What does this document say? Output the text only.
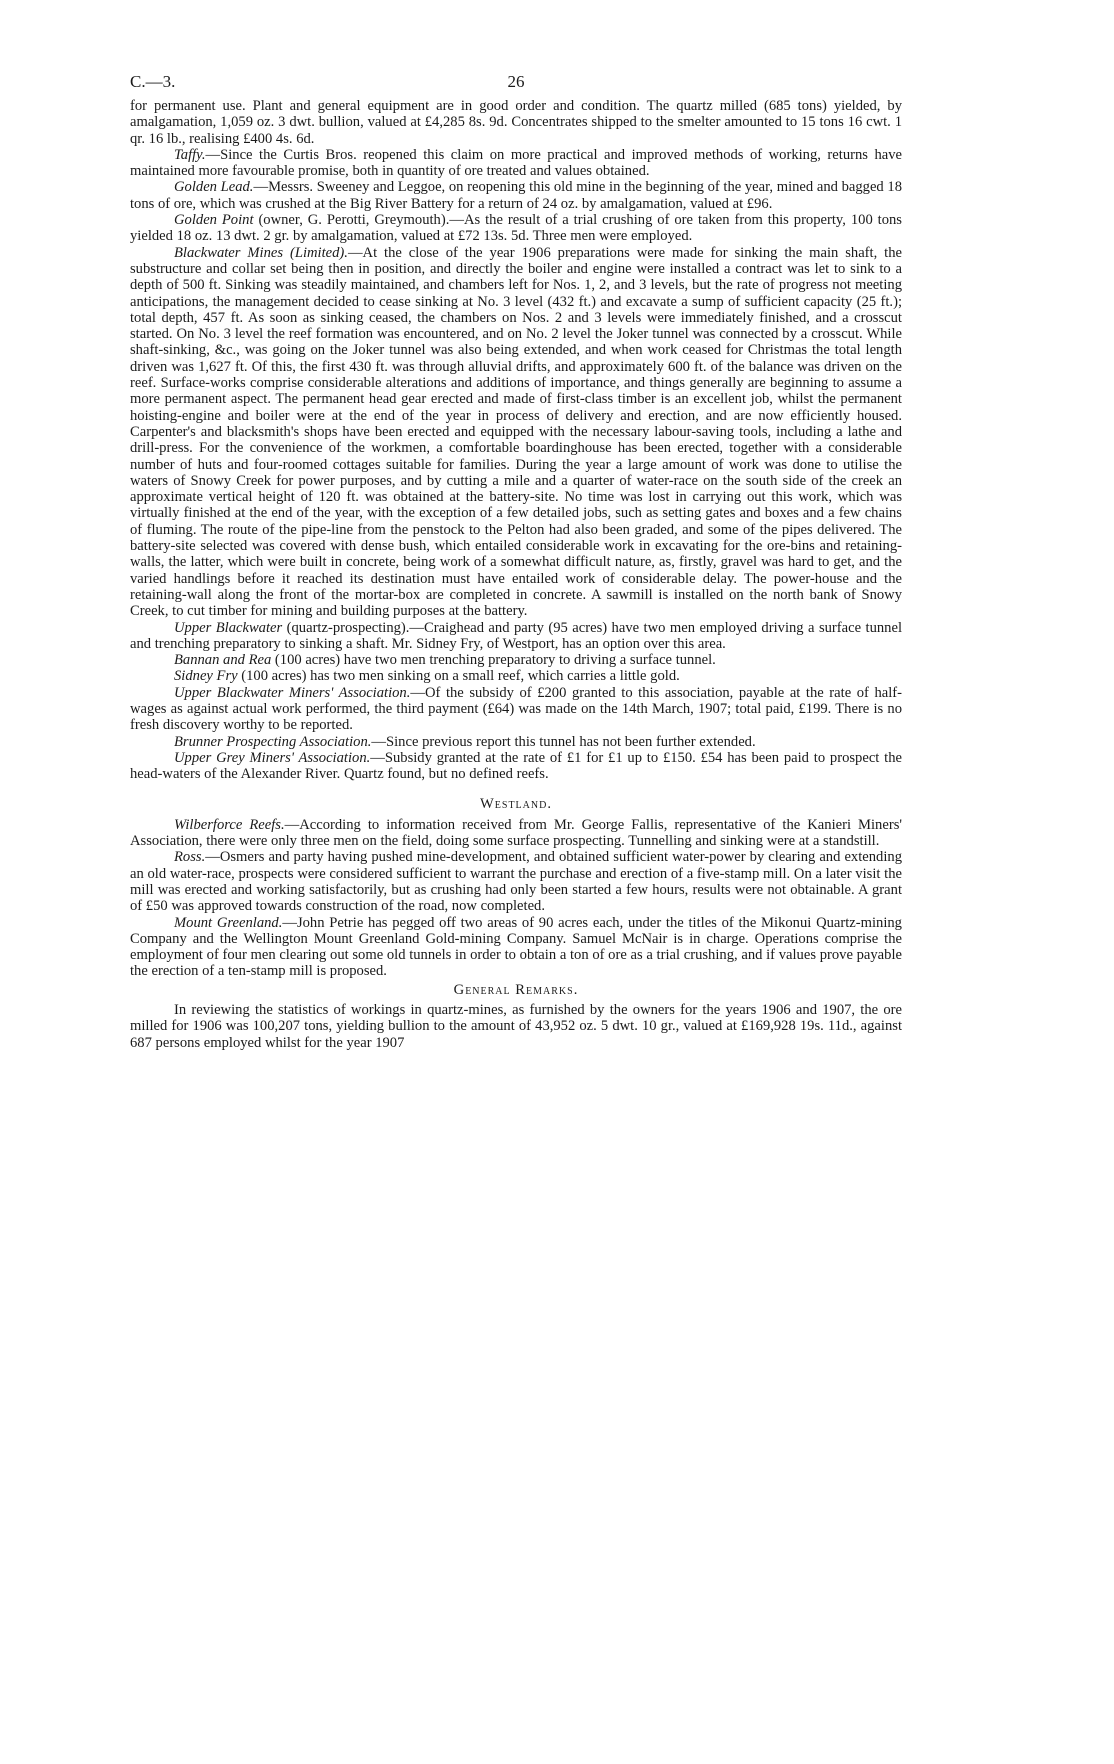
C.—3.	26

for permanent use. Plant and general equipment are in good order and condition. The quartz milled (685 tons) yielded, by amalgamation, 1,059 oz. 3 dwt. bullion, valued at £4,285 8s. 9d. Concentrates shipped to the smelter amounted to 15 tons 16 cwt. 1 qr. 16 lb., realising £400 4s. 6d.

Taffy.—Since the Curtis Bros. reopened this claim on more practical and improved methods of working, returns have maintained more favourable promise, both in quantity of ore treated and values obtained.

Golden Lead.—Messrs. Sweeney and Leggoe, on reopening this old mine in the beginning of the year, mined and bagged 18 tons of ore, which was crushed at the Big River Battery for a return of 24 oz. by amalgamation, valued at £96.

Golden Point (owner, G. Perotti, Greymouth).—As the result of a trial crushing of ore taken from this property, 100 tons yielded 18 oz. 13 dwt. 2 gr. by amalgamation, valued at £72 13s. 5d. Three men were employed.

Blackwater Mines (Limited).—At the close of the year 1906 preparations were made for sinking the main shaft, the substructure and collar set being then in position, and directly the boiler and engine were installed a contract was let to sink to a depth of 500 ft. Sinking was steadily maintained, and chambers left for Nos. 1, 2, and 3 levels, but the rate of progress not meeting anticipations, the management decided to cease sinking at No. 3 level (432 ft.) and excavate a sump of sufficient capacity (25 ft.); total depth, 457 ft. As soon as sinking ceased, the chambers on Nos. 2 and 3 levels were immediately finished, and a crosscut started. On No. 3 level the reef formation was encountered, and on No. 2 level the Joker tunnel was connected by a crosscut. While shaft-sinking, &c., was going on the Joker tunnel was also being extended, and when work ceased for Christmas the total length driven was 1,627 ft. Of this, the first 430 ft. was through alluvial drifts, and approximately 600 ft. of the balance was driven on the reef. Surface-works comprise considerable alterations and additions of importance, and things generally are beginning to assume a more permanent aspect. The permanent head gear erected and made of first-class timber is an excellent job, whilst the permanent hoisting-engine and boiler were at the end of the year in process of delivery and erection, and are now efficiently housed. Carpenter's and blacksmith's shops have been erected and equipped with the necessary labour-saving tools, including a lathe and drill-press. For the convenience of the workmen, a comfortable boardinghouse has been erected, together with a considerable number of huts and four-roomed cottages suitable for families. During the year a large amount of work was done to utilise the waters of Snowy Creek for power purposes, and by cutting a mile and a quarter of water-race on the south side of the creek an approximate vertical height of 120 ft. was obtained at the battery-site. No time was lost in carrying out this work, which was virtually finished at the end of the year, with the exception of a few detailed jobs, such as setting gates and boxes and a few chains of fluming. The route of the pipe-line from the penstock to the Pelton had also been graded, and some of the pipes delivered. The battery-site selected was covered with dense bush, which entailed considerable work in excavating for the ore-bins and retaining-walls, the latter, which were built in concrete, being work of a somewhat difficult nature, as, firstly, gravel was hard to get, and the varied handlings before it reached its destination must have entailed work of considerable delay. The power-house and the retaining-wall along the front of the mortar-box are completed in concrete. A sawmill is installed on the north bank of Snowy Creek, to cut timber for mining and building purposes at the battery.

Upper Blackwater (quartz-prospecting).—Craighead and party (95 acres) have two men employed driving a surface tunnel and trenching preparatory to sinking a shaft. Mr. Sidney Fry, of Westport, has an option over this area.

Bannan and Rea (100 acres) have two men trenching preparatory to driving a surface tunnel.

Sidney Fry (100 acres) has two men sinking on a small reef, which carries a little gold.

Upper Blackwater Miners' Association.—Of the subsidy of £200 granted to this association, payable at the rate of half-wages as against actual work performed, the third payment (£64) was made on the 14th March, 1907; total paid, £199. There is no fresh discovery worthy to be reported.

Brunner Prospecting Association.—Since previous report this tunnel has not been further extended.

Upper Grey Miners' Association.—Subsidy granted at the rate of £1 for £1 up to £150. £54 has been paid to prospect the head-waters of the Alexander River. Quartz found, but no defined reefs.

Westland.

Wilberforce Reefs.—According to information received from Mr. George Fallis, representative of the Kanieri Miners' Association, there were only three men on the field, doing some surface prospecting. Tunnelling and sinking were at a standstill.

Ross.—Osmers and party having pushed mine-development, and obtained sufficient water-power by clearing and extending an old water-race, prospects were considered sufficient to warrant the purchase and erection of a five-stamp mill. On a later visit the mill was erected and working satisfactorily, but as crushing had only been started a few hours, results were not obtainable. A grant of £50 was approved towards construction of the road, now completed.

Mount Greenland.—John Petrie has pegged off two areas of 90 acres each, under the titles of the Mikonui Quartz-mining Company and the Wellington Mount Greenland Gold-mining Company. Samuel McNair is in charge. Operations comprise the employment of four men clearing out some old tunnels in order to obtain a ton of ore as a trial crushing, and if values prove payable the erection of a ten-stamp mill is proposed.

General Remarks.

In reviewing the statistics of workings in quartz-mines, as furnished by the owners for the years 1906 and 1907, the ore milled for 1906 was 100,207 tons, yielding bullion to the amount of 43,952 oz. 5 dwt. 10 gr., valued at £169,928 19s. 11d., against 687 persons employed whilst for the year 1907
